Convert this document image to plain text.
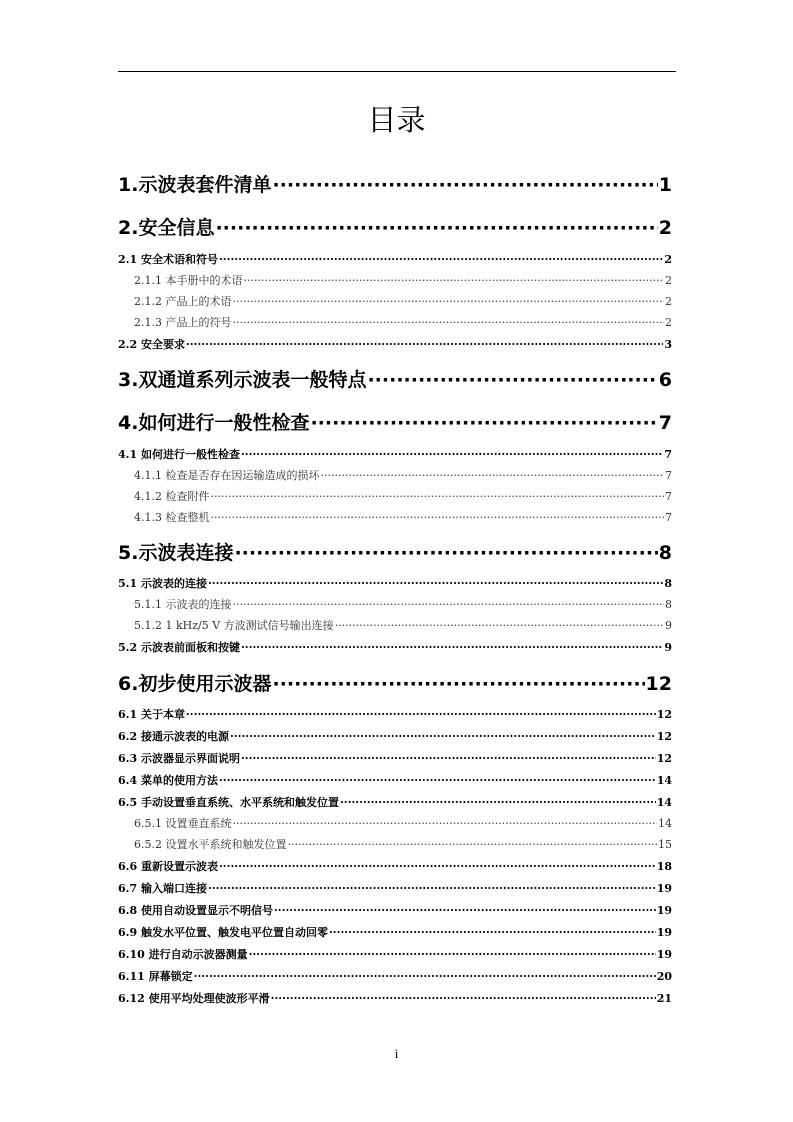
目录
1.示波表套件清单 ·····	1
2.安全信息 ·····	2
2.1 安全术语和符号 ·····	2
2.1.1 本手册中的术语 ·····	2
2.1.2 产品上的术语 ·····	2
2.1.3 产品上的符号 ·····	2
2.2 安全要求 ·····	3
3.双通道系列示波表一般特点 ·····	6
4.如何进行一般性检查 ·····	7
4.1 如何进行一般性检查 ·····	7
4.1.1 检查是否存在因运输造成的损坏 ·····	7
4.1.2 检查附件 ·····	7
4.1.3 检查整机 ·····	7
5.示波表连接 ·····	8
5.1 示波表的连接 ·····	8
5.1.1 示波表的连接 ·····	8
5.1.2 1 kHz/5 V 方波测试信号输出连接 ·····	9
5.2 示波表前面板和按键 ·····	9
6.初步使用示波器 ·····	12
6.1 关于本章 ·····	12
6.2 接通示波表的电源 ·····	12
6.3 示波器显示界面说明 ·····	12
6.4 菜单的使用方法 ·····	14
6.5 手动设置垂直系统、水平系统和触发位置 ·····	14
6.5.1 设置垂直系统 ·····	14
6.5.2 设置水平系统和触发位置 ·····	15
6.6 重新设置示波表 ·····	18
6.7 输入端口连接 ·····	19
6.8 使用自动设置显示不明信号 ·····	19
6.9 触发水平位置、触发电平位置自动回零 ·····	19
6.10 进行自动示波器测量 ·····	19
6.11 屏幕锁定 ·····	20
6.12 使用平均处理使波形平滑 ·····	21
i
